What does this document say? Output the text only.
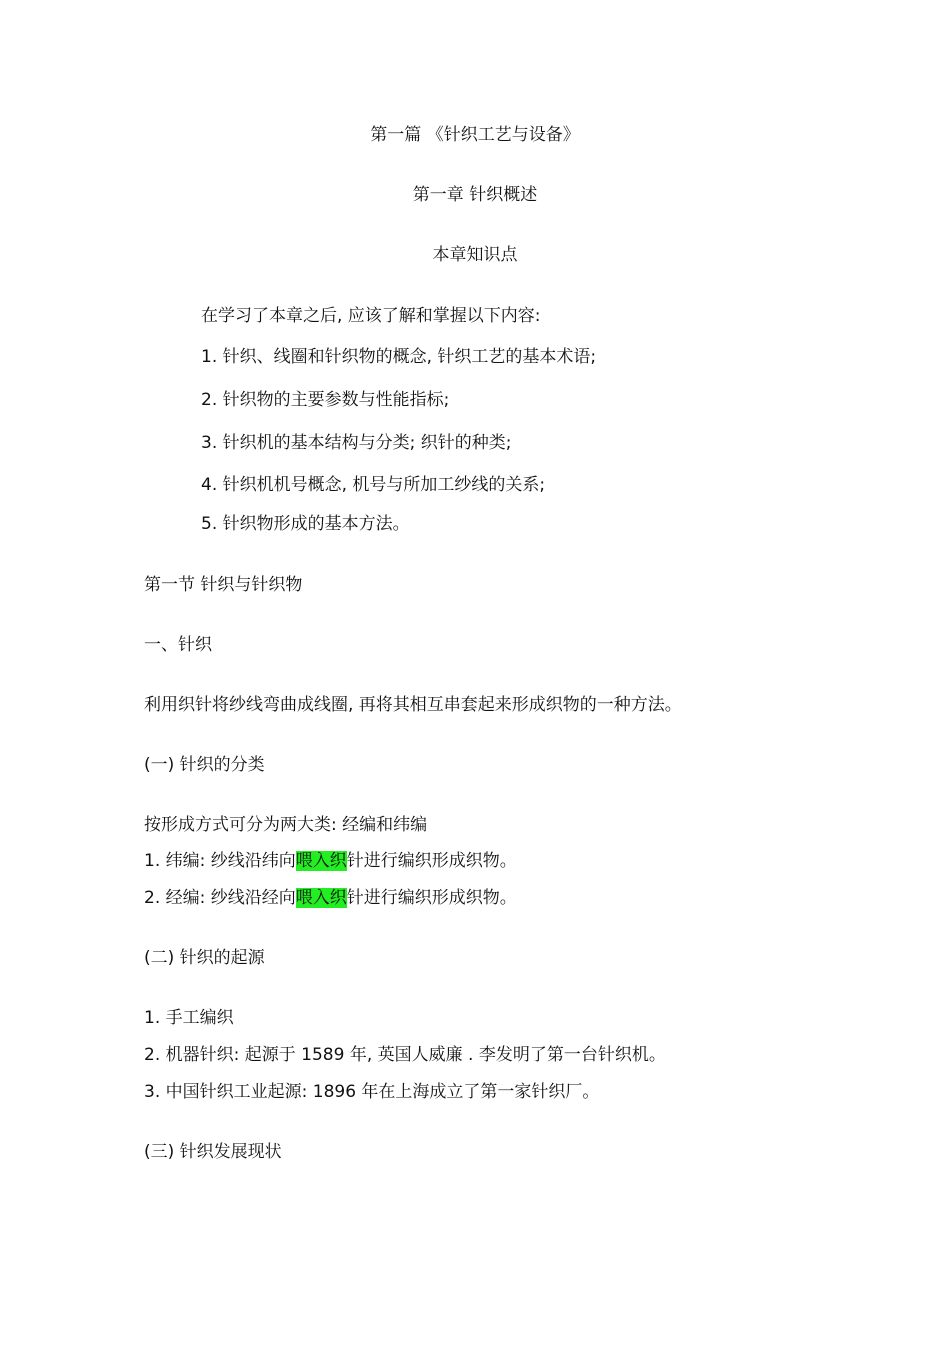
第一篇 《针织工艺与设备》
第一章 针织概述
本章知识点
在学习了本章之后, 应该了解和掌握以下内容:
1. 针织、线圈和针织物的概念, 针织工艺的基本术语;
2. 针织物的主要参数与性能指标;
3. 针织机的基本结构与分类; 织针的种类;
4. 针织机机号概念, 机号与所加工纱线的关系;
5. 针织物形成的基本方法。
第一节 针织与针织物
一、针织
利用织针将纱线弯曲成线圈, 再将其相互串套起来形成织物的一种方法。
(一) 针织的分类
按形成方式可分为两大类: 经编和纬编
1. 纬编: 纱线沿纬向喂入织针进行编织形成织物。
2. 经编: 纱线沿经向喂入织针进行编织形成织物。
(二) 针织的起源
1. 手工编织
2. 机器针织: 起源于 1589 年, 英国人威廉 . 李发明了第一台针织机。
3. 中国针织工业起源: 1896 年在上海成立了第一家针织厂。
(三) 针织发展现状
